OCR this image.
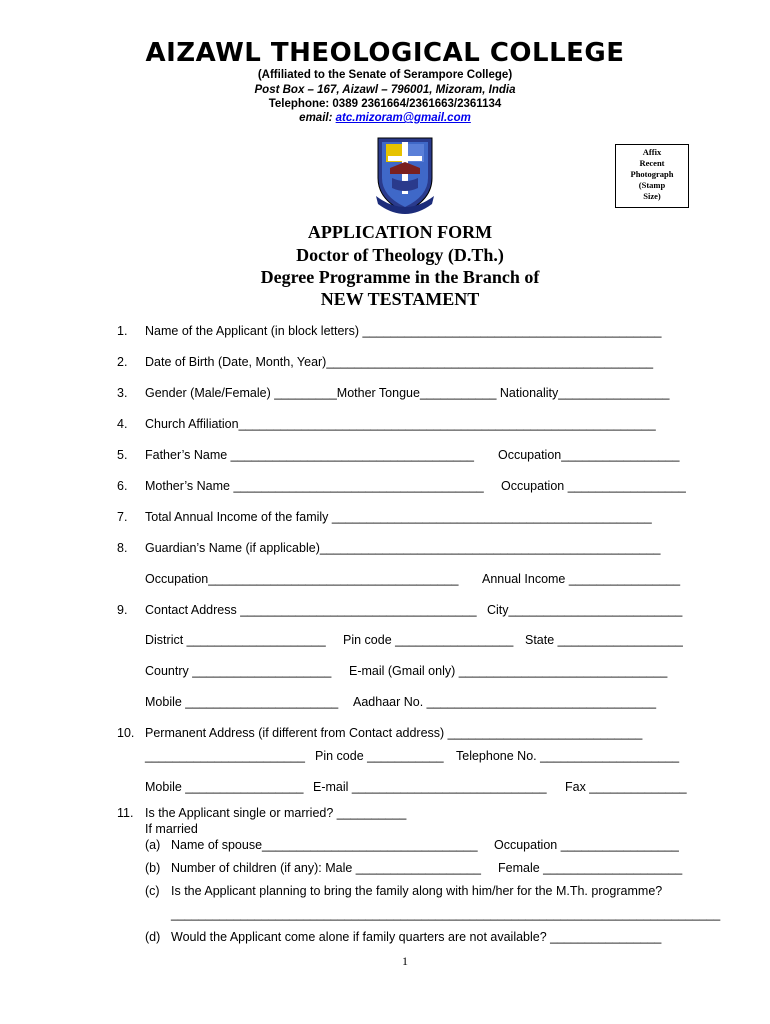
AIZAWL THEOLOGICAL COLLEGE
(Affiliated to the Senate of Serampore College)
Post Box – 167, Aizawl – 796001, Mizoram, India
Telephone: 0389 2361664/2361663/2361134
email: atc.mizoram@gmail.com
Affix
Recent
Photograph
(Stamp
Size)
APPLICATION FORM
Doctor of Theology (D.Th.)
Degree Programme in the Branch of
NEW TESTAMENT
1. Name of the Applicant (in block letters) ___________________________________________
2. Date of Birth (Date, Month, Year)_______________________________________________
3. Gender (Male/Female) _________Mother Tongue___________ Nationality________________
4. Church Affiliation____________________________________________________________
5. Father’s Name ___________________________________ Occupation_________________
6. Mother’s Name ____________________________________ Occupation _________________
7. Total Annual Income of the family ______________________________________________
8. Guardian’s Name (if applicable)_________________________________________________
Occupation____________________________________ Annual Income ________________
9. Contact Address __________________________________ City_________________________
District ____________________ Pin code _________________ State __________________
Country ____________________ E-mail (Gmail only) ______________________________
Mobile ______________________ Aadhaar No. _________________________________
10. Permanent Address (if different from Contact address) ____________________________
_______________________ Pin code ___________ Telephone No. ____________________
Mobile _________________ E-mail ____________________________ Fax ______________
11. Is the Applicant single or married? __________
If married
(a) Name of spouse_______________________________ Occupation _________________
(b) Number of children (if any): Male __________________ Female ____________________
(c) Is the Applicant planning to bring the family along with him/her for the M.Th. programme?
_______________________________________________________________________________
(d) Would the Applicant come alone if family quarters are not available? ________________
1
